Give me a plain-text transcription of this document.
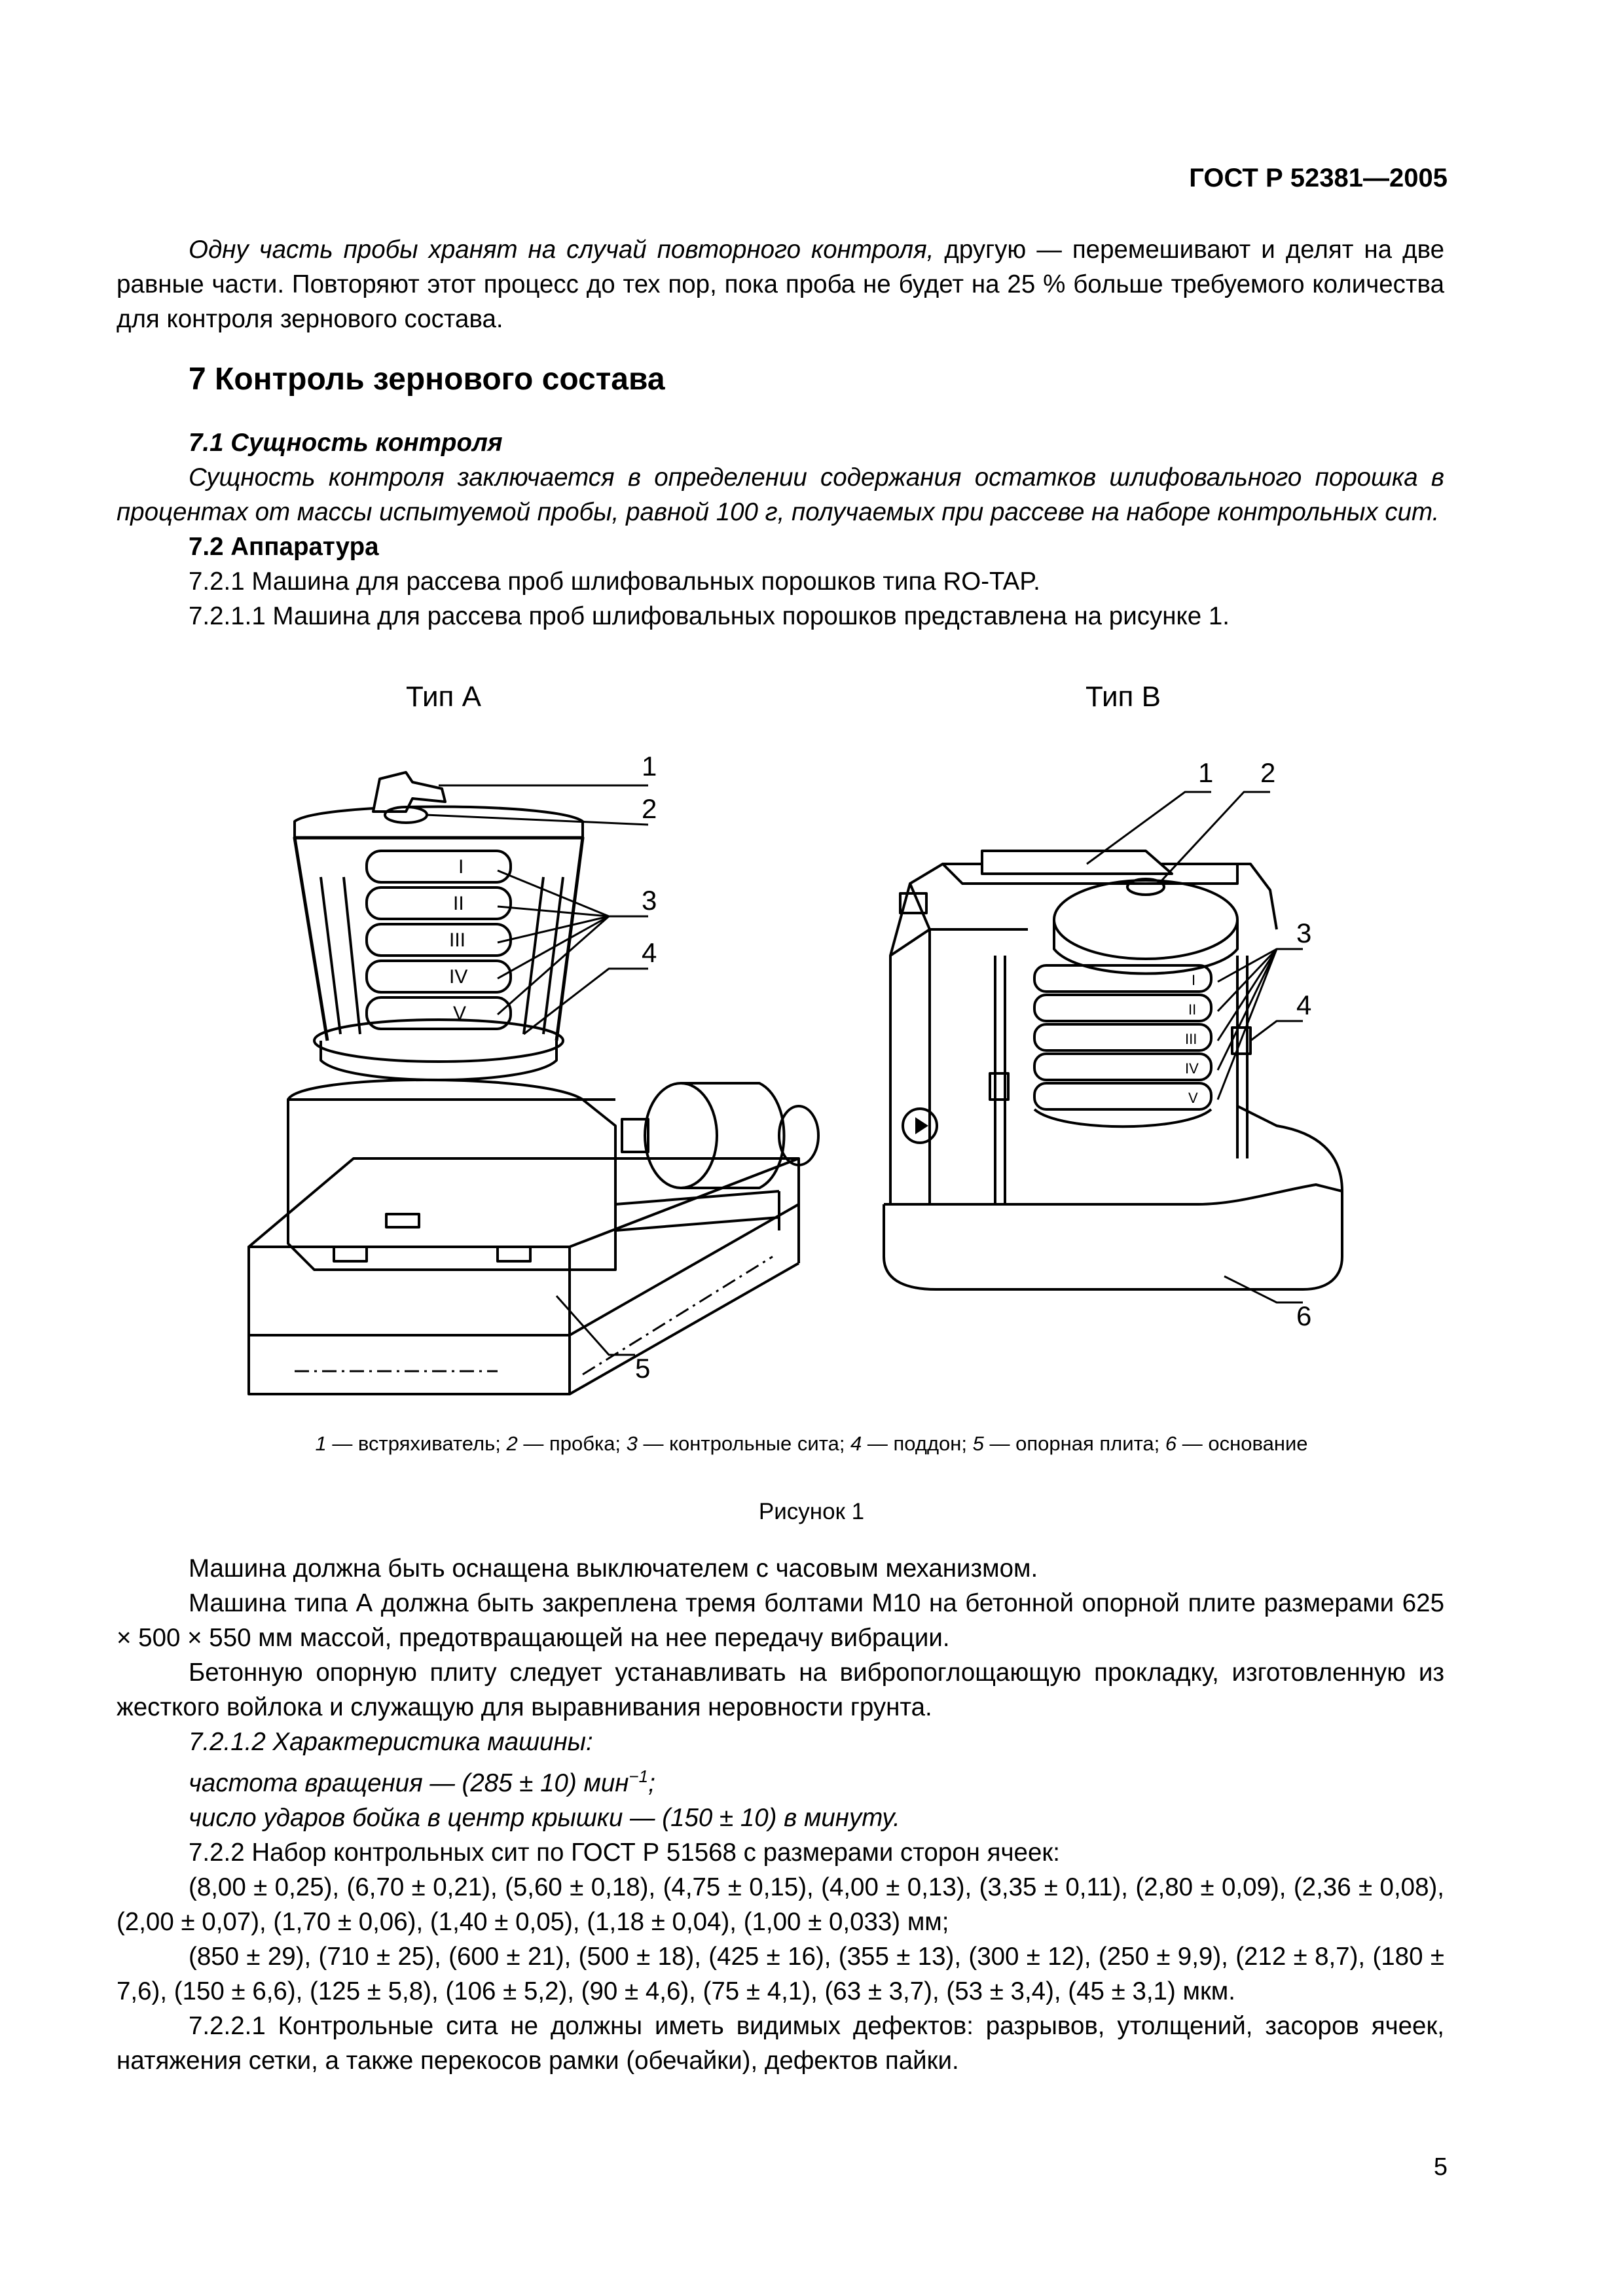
ГОСТ Р 52381—2005

Одну часть пробы хранят на случай повторного контроля, другую — перемешивают и делят на две равные части. Повторяют этот процесс до тех пор, пока проба не будет на 25 % больше требуемого количества для контроля зернового состава.

7 Контроль зернового состава

7.1 Сущность контроля

Сущность контроля заключается в определении содержания остатков шлифовального порошка в процентах от массы испытуемой пробы, равной 100 г, получаемых при рассеве на наборе контрольных сит.

7.2 Аппаратура

7.2.1 Машина для рассева проб шлифовальных порошков типа RO-TAP.

7.2.1.1 Машина для рассева проб шлифовальных порошков представлена на рисунке 1.

Тип А	Тип В
I
II
III
IV
V
1
2
3
4
5
I
II
III
IV
V
1 2
3
4
6
1 — встряхиватель; 2 — пробка; 3 — контрольные сита; 4 — поддон; 5 — опорная плита; 6 — основание
Рисунок 1

Машина должна быть оснащена выключателем с часовым механизмом.

Машина типа А должна быть закреплена тремя болтами М10 на бетонной опорной плите размерами 625 × 500 × 550 мм массой, предотвращающей на нее передачу вибрации.

Бетонную опорную плиту следует устанавливать на вибропоглощающую прокладку, изготовленную из жесткого войлока и служащую для выравнивания неровности грунта.

7.2.1.2 Характеристика машины:

частота вращения — (285 ± 10) мин$^{-1}$;

число ударов бойка в центр крышки — (150 ± 10) в минуту.

7.2.2 Набор контрольных сит по ГОСТ Р 51568 с размерами сторон ячеек:

(8,00 ± 0,25), (6,70 ± 0,21), (5,60 ± 0,18), (4,75 ± 0,15), (4,00 ± 0,13), (3,35 ± 0,11), (2,80 ± 0,09), (2,36 ± 0,08), (2,00 ± 0,07), (1,70 ± 0,06), (1,40 ± 0,05), (1,18 ± 0,04), (1,00 ± 0,033) мм;

(850 ± 29), (710 ± 25), (600 ± 21), (500 ± 18), (425 ± 16), (355 ± 13), (300 ± 12), (250 ± 9,9), (212 ± 8,7), (180 ± 7,6), (150 ± 6,6), (125 ± 5,8), (106 ± 5,2), (90 ± 4,6), (75 ± 4,1), (63 ± 3,7), (53 ± 3,4), (45 ± 3,1) мкм.

7.2.2.1 Контрольные сита не должны иметь видимых дефектов: разрывов, утолщений, засоров ячеек, натяжения сетки, а также перекосов рамки (обечайки), дефектов пайки.

5
